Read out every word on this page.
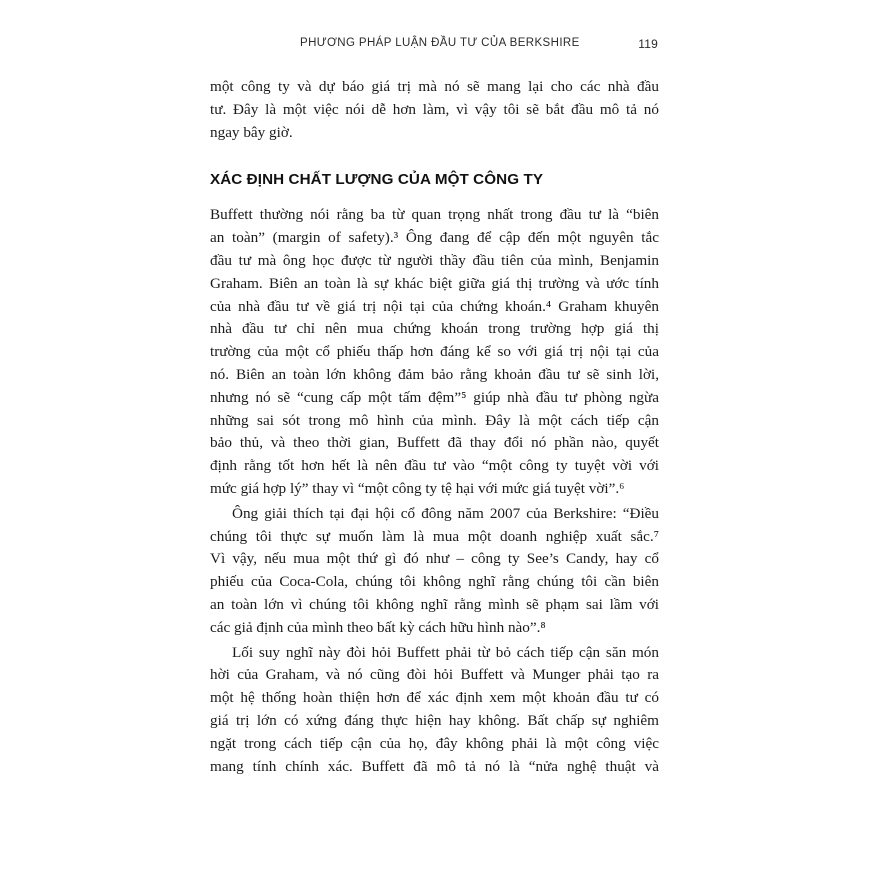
PHƯƠNG PHÁP LUẬN ĐẦU TƯ CỦA BERKSHIRE	119
một công ty và dự báo giá trị mà nó sẽ mang lại cho các nhà đầu
tư. Đây là một việc nói dễ hơn làm, vì vậy tôi sẽ bắt đầu mô tả nó
ngay bây giờ.
XÁC ĐỊNH CHẤT LƯỢNG CỦA MỘT CÔNG TY
Buffett thường nói rằng ba từ quan trọng nhất trong đầu tư là “biên
an toàn” (margin of safety).³ Ông đang để cập đến một nguyên tắc
đầu tư mà ông học được từ người thầy đầu tiên của mình, Benjamin
Graham. Biên an toàn là sự khác biệt giữa giá thị trường và ước tính
của nhà đầu tư về giá trị nội tại của chứng khoán.⁴ Graham khuyên
nhà đầu tư chỉ nên mua chứng khoán trong trường hợp giá thị
trường của một cổ phiếu thấp hơn đáng kể so với giá trị nội tại của
nó. Biên an toàn lớn không đảm bảo rằng khoản đầu tư sẽ sinh lời,
nhưng nó sẽ “cung cấp một tấm đệm”⁵ giúp nhà đầu tư phòng ngừa
những sai sót trong mô hình của mình. Đây là một cách tiếp cận
bảo thủ, và theo thời gian, Buffett đã thay đổi nó phần nào, quyết
định rằng tốt hơn hết là nên đầu tư vào “một công ty tuyệt vời với
mức giá hợp lý” thay vì “một công ty tệ hại với mức giá tuyệt vời”.⁶
Ông giải thích tại đại hội cổ đông năm 2007 của Berkshire: “Điều
chúng tôi thực sự muốn làm là mua một doanh nghiệp xuất sắc.⁷
Vì vậy, nếu mua một thứ gì đó như – công ty See’s Candy, hay cổ
phiếu của Coca-Cola, chúng tôi không nghĩ rằng chúng tôi cần biên
an toàn lớn vì chúng tôi không nghĩ rằng mình sẽ phạm sai lầm với
các giả định của mình theo bất kỳ cách hữu hình nào”.⁸
Lối suy nghĩ này đòi hỏi Buffett phải từ bỏ cách tiếp cận săn món
hời của Graham, và nó cũng đòi hỏi Buffett và Munger phải tạo ra
một hệ thống hoàn thiện hơn để xác định xem một khoản đầu tư có
giá trị lớn có xứng đáng thực hiện hay không. Bất chấp sự nghiêm
ngặt trong cách tiếp cận của họ, đây không phải là một công việc
mang tính chính xác. Buffett đã mô tả nó là “nửa nghệ thuật và
